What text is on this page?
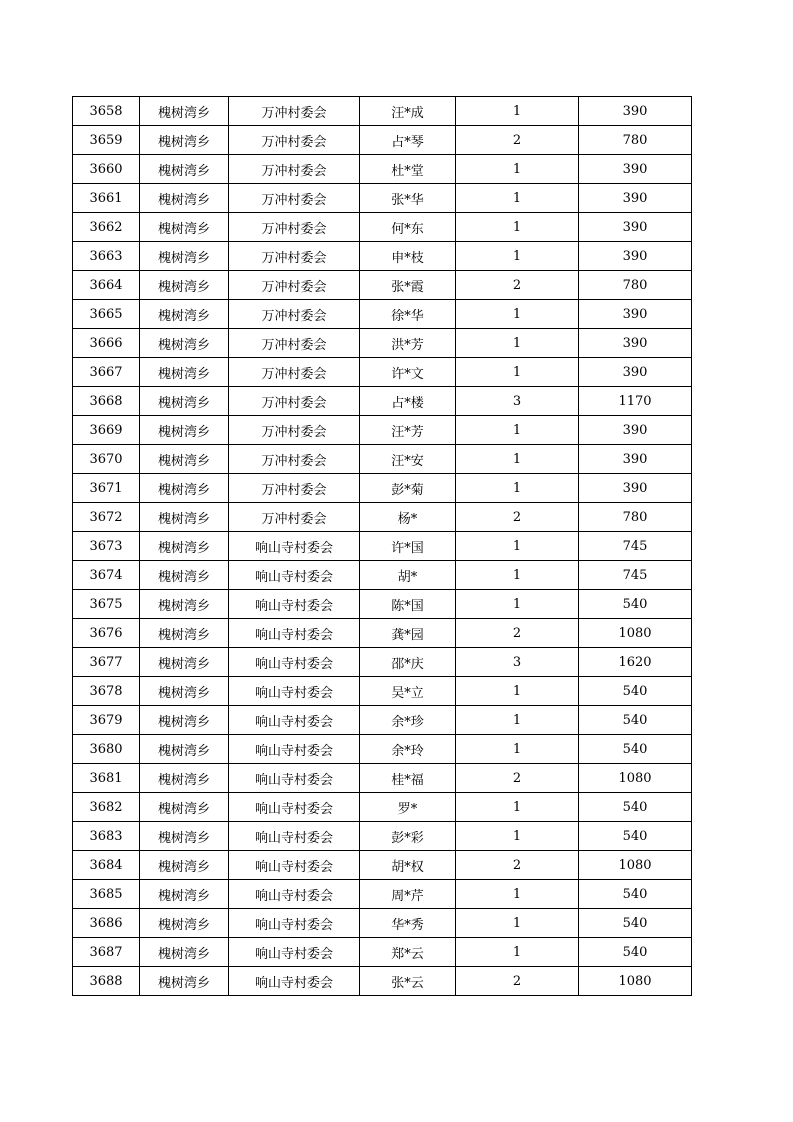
3658	槐树湾乡	万冲村委会	汪*成	1	390
3659	槐树湾乡	万冲村委会	占*琴	2	780
3660	槐树湾乡	万冲村委会	杜*堂	1	390
3661	槐树湾乡	万冲村委会	张*华	1	390
3662	槐树湾乡	万冲村委会	何*东	1	390
3663	槐树湾乡	万冲村委会	申*枝	1	390
3664	槐树湾乡	万冲村委会	张*霞	2	780
3665	槐树湾乡	万冲村委会	徐*华	1	390
3666	槐树湾乡	万冲村委会	洪*芳	1	390
3667	槐树湾乡	万冲村委会	许*文	1	390
3668	槐树湾乡	万冲村委会	占*楼	3	1170
3669	槐树湾乡	万冲村委会	汪*芳	1	390
3670	槐树湾乡	万冲村委会	汪*安	1	390
3671	槐树湾乡	万冲村委会	彭*菊	1	390
3672	槐树湾乡	万冲村委会	杨*	2	780
3673	槐树湾乡	响山寺村委会	许*国	1	745
3674	槐树湾乡	响山寺村委会	胡*	1	745
3675	槐树湾乡	响山寺村委会	陈*国	1	540
3676	槐树湾乡	响山寺村委会	龚*园	2	1080
3677	槐树湾乡	响山寺村委会	邵*庆	3	1620
3678	槐树湾乡	响山寺村委会	吴*立	1	540
3679	槐树湾乡	响山寺村委会	余*珍	1	540
3680	槐树湾乡	响山寺村委会	余*玲	1	540
3681	槐树湾乡	响山寺村委会	桂*福	2	1080
3682	槐树湾乡	响山寺村委会	罗*	1	540
3683	槐树湾乡	响山寺村委会	彭*彩	1	540
3684	槐树湾乡	响山寺村委会	胡*权	2	1080
3685	槐树湾乡	响山寺村委会	周*芹	1	540
3686	槐树湾乡	响山寺村委会	华*秀	1	540
3687	槐树湾乡	响山寺村委会	郑*云	1	540
3688	槐树湾乡	响山寺村委会	张*云	2	1080
